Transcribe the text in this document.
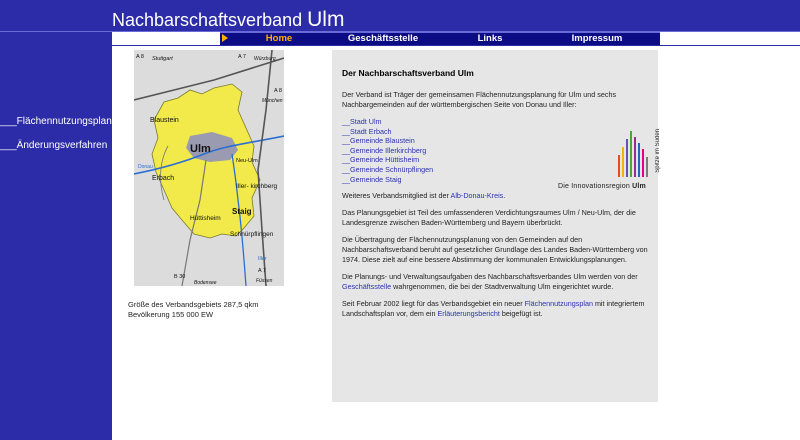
Nachbarschaftsverband Ulm
___Flächennutzungsplan
___Änderungsverfahren
Home	Geschäftsstelle	Links	Impressum
A 8 Stuttgart	A 7 Würzburg
A 8
München
Blaustein
Ulm
Neu-Ulm
Erbach
Donau
Iller- kirchberg
Hüttisheim
Staig
Schnürpflingen
Iller
B 30
Bodensee
A 7
Füssen
Größe des Verbandsgebiets 287,5 qkm
Bevölkerung 155 000 EW
Der Nachbarschaftsverband Ulm

Der Verband ist Träger der gemeinsamen Flächennutzungsplanung für Ulm und sechs Nachbargemeinden auf der württembergischen Seite von Donau und Iller:

__Stadt Ulm
__Stadt Erbach
__Gemeinde Blaustein
__Gemeinde Illerkirchberg
__Gemeinde Hüttisheim
__Gemeinde Schnürpflingen
__Gemeinde Staig

Weiteres Verbandsmitglied ist der Alb-Donau-Kreis.

Das Planungsgebiet ist Teil des umfassenderen Verdichtungsraumes Ulm / Neu-Ulm, der die Landesgrenze zwischen Baden-Württemberg und Bayern überbrückt.

Die Übertragung der Flächennutzungsplanung von den Gemeinden auf den Nachbarschaftsverband beruht auf gesetzlicher Grundlage des Landes Baden-Württemberg von 1974. Diese zielt auf eine bessere Abstimmung der kommunalen Entwicklungsplanungen.

Die Planungs- und Verwaltungsaufgaben des Nachbarschaftsverbandes Ulm werden von der Geschäftsstelle wahrgenommen, die bei der Stadtverwaltung Ulm eingerichtet wurde.

Seit Februar 2002 liegt für das Verbandsgebiet ein neuer Flächennutzungsplan mit integriertem Landschaftsplan vor, dem ein Erläuterungsbericht beigefügt ist.

Die Innovationsregion Ulm
Spitze im Süden
